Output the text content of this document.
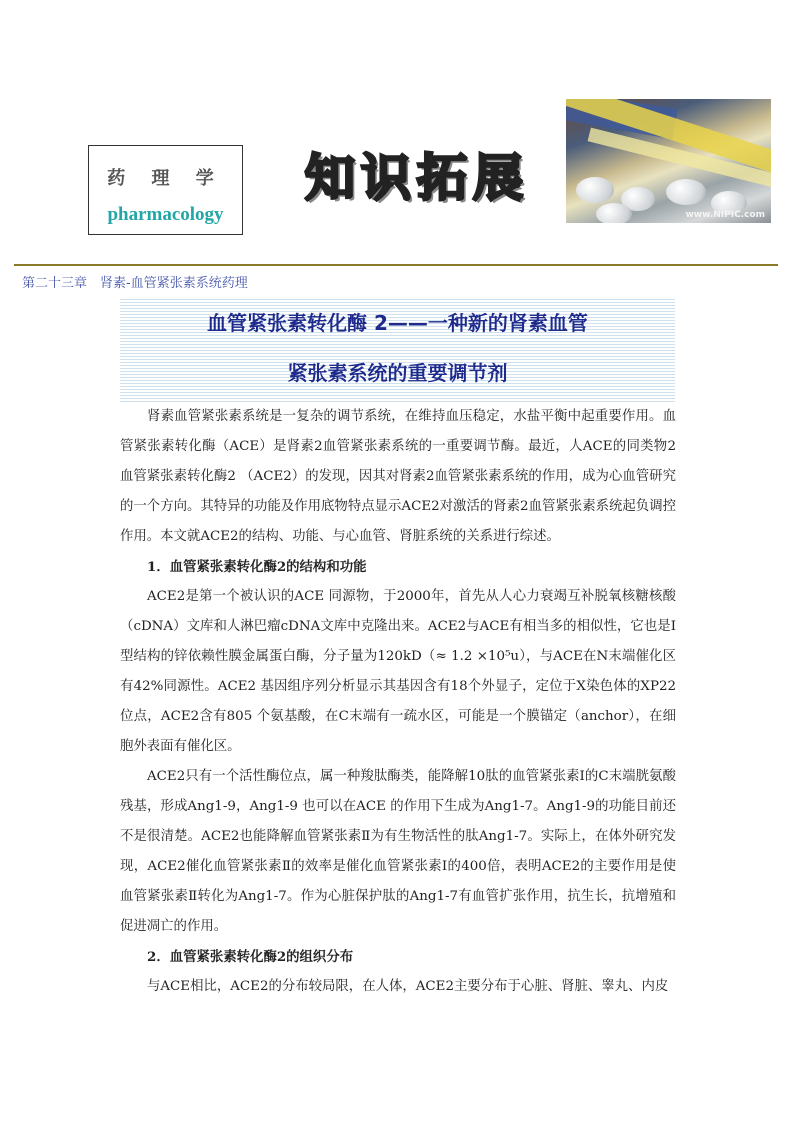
药 理 学
pharmacology
知识拓展
www.NIPIC.com
第二十三章　肾素-血管紧张素系统药理
血管紧张素转化酶 2——一种新的肾素血管
紧张素系统的重要调节剂

肾素血管紧张素系统是一复杂的调节系统，在维持血压稳定，水盐平衡中起重要作用。血管紧张素转化酶（ACE）是肾素2血管紧张素系统的一重要调节酶。最近，人ACE的同类物2血管紧张素转化酶2 （ACE2）的发现，因其对肾素2血管紧张素系统的作用，成为心血管研究的一个方向。其特异的功能及作用底物特点显示ACE2对激活的肾素2血管紧张素系统起负调控作用。本文就ACE2的结构、功能、与心血管、肾脏系统的关系进行综述。

1．血管紧张素转化酶2的结构和功能

ACE2是第一个被认识的ACE 同源物，于2000年，首先从人心力衰竭互补脱氧核糖核酸（cDNA）文库和人淋巴瘤cDNA文库中克隆出来。ACE2与ACE有相当多的相似性，它也是Ⅰ型结构的锌依赖性膜金属蛋白酶，分子量为120kD（≈ 1.2 ×10⁵u），与ACE在N末端催化区有42%同源性。ACE2 基因组序列分析显示其基因含有18个外显子，定位于X染色体的XP22 位点，ACE2含有805 个氨基酸，在C末端有一疏水区，可能是一个膜锚定（anchor），在细胞外表面有催化区。

ACE2只有一个活性酶位点，属一种羧肽酶类，能降解10肽的血管紧张素Ⅰ的C末端胱氨酸残基，形成Ang1-9，Ang1-9 也可以在ACE 的作用下生成为Ang1-7。Ang1-9的功能目前还不是很清楚。ACE2也能降解血管紧张素Ⅱ为有生物活性的肽Ang1-7。实际上，在体外研究发现，ACE2催化血管紧张素Ⅱ的效率是催化血管紧张素Ⅰ的400倍，表明ACE2的主要作用是使血管紧张素Ⅱ转化为Ang1-7。作为心脏保护肽的Ang1-7有血管扩张作用，抗生长，抗增殖和促进凋亡的作用。

2．血管紧张素转化酶2的组织分布

与ACE相比，ACE2的分布较局限，在人体，ACE2主要分布于心脏、肾脏、睾丸、内皮
